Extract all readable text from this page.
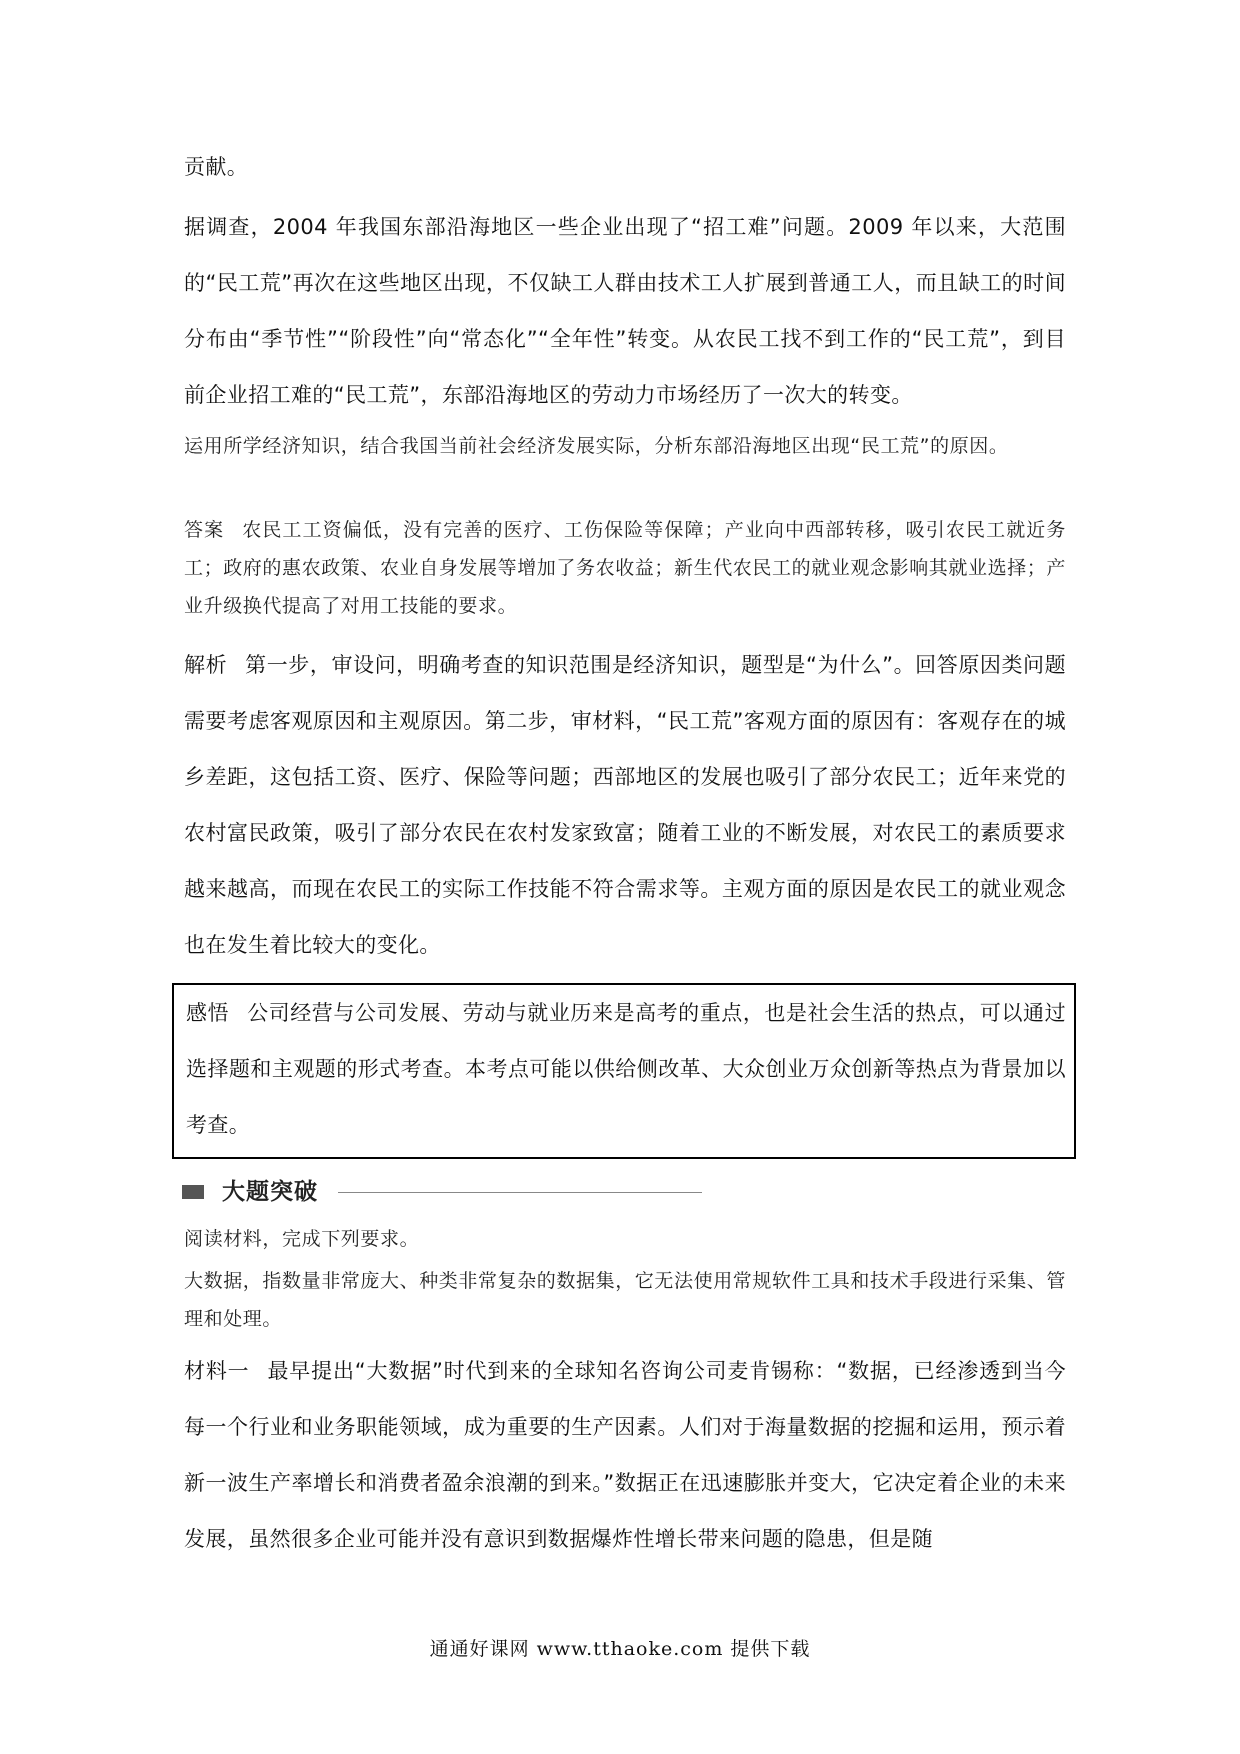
贡献。

据调查，2004 年我国东部沿海地区一些企业出现了“招工难”问题。2009 年以来，大范围的“民工荒”再次在这些地区出现，不仅缺工人群由技术工人扩展到普通工人，而且缺工的时间分布由“季节性”“阶段性”向“常态化”“全年性”转变。从农民工找不到工作的“民工荒”，到目前企业招工难的“民工荒”，东部沿海地区的劳动力市场经历了一次大的转变。

运用所学经济知识，结合我国当前社会经济发展实际，分析东部沿海地区出现“民工荒”的原因。

答案 农民工工资偏低，没有完善的医疗、工伤保险等保障；产业向中西部转移，吸引农民工就近务工；政府的惠农政策、农业自身发展等增加了务农收益；新生代农民工的就业观念影响其就业选择；产业升级换代提高了对用工技能的要求。

解析 第一步，审设问，明确考查的知识范围是经济知识，题型是“为什么”。回答原因类问题需要考虑客观原因和主观原因。第二步，审材料，“民工荒”客观方面的原因有：客观存在的城乡差距，这包括工资、医疗、保险等问题；西部地区的发展也吸引了部分农民工；近年来党的农村富民政策，吸引了部分农民在农村发家致富；随着工业的不断发展，对农民工的素质要求越来越高，而现在农民工的实际工作技能不符合需求等。主观方面的原因是农民工的就业观念也在发生着比较大的变化。

感悟 公司经营与公司发展、劳动与就业历来是高考的重点，也是社会生活的热点，可以通过选择题和主观题的形式考查。本考点可能以供给侧改革、大众创业万众创新等热点为背景加以考查。

大题突破

阅读材料，完成下列要求。

大数据，指数量非常庞大、种类非常复杂的数据集，它无法使用常规软件工具和技术手段进行采集、管理和处理。

材料一 最早提出“大数据”时代到来的全球知名咨询公司麦肯锡称：“数据，已经渗透到当今每一个行业和业务职能领域，成为重要的生产因素。人们对于海量数据的挖掘和运用，预示着新一波生产率增长和消费者盈余浪潮的到来。”数据正在迅速膨胀并变大，它决定着企业的未来发展，虽然很多企业可能并没有意识到数据爆炸性增长带来问题的隐患，但是随

通通好课网 www.tthaoke.com 提供下载
